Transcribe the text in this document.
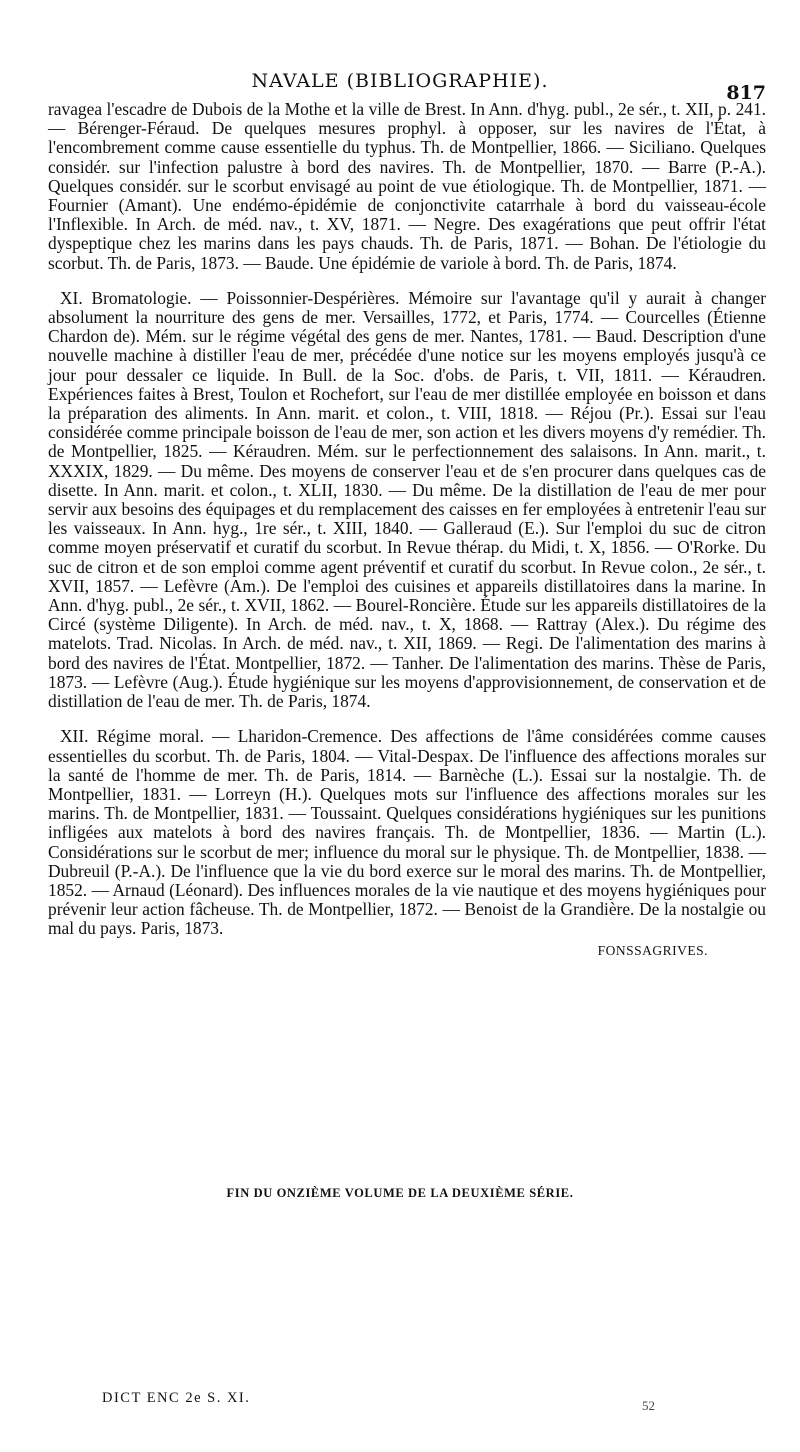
NAVALE (BIBLIOGRAPHIE).
817

ravagea l'escadre de Dubois de la Mothe et la ville de Brest. In Ann. d'hyg. publ., 2e sér., t. XII, p. 241. — Bérenger-Féraud. De quelques mesures prophyl. à opposer, sur les navires de l'État, à l'encombrement comme cause essentielle du typhus. Th. de Montpellier, 1866. — Siciliano. Quelques considér. sur l'infection palustre à bord des navires. Th. de Montpellier, 1870. — Barre (P.-A.). Quelques considér. sur le scorbut envisagé au point de vue étiologique. Th. de Montpellier, 1871. — Fournier (Amant). Une endémo-épidémie de conjonctivite catarrhale à bord du vaisseau-école l'Inflexible. In Arch. de méd. nav., t. XV, 1871. — Negre. Des exagérations que peut offrir l'état dyspeptique chez les marins dans les pays chauds. Th. de Paris, 1871. — Bohan. De l'étiologie du scorbut. Th. de Paris, 1873. — Baude. Une épidémie de variole à bord. Th. de Paris, 1874.

XI. Bromatologie. — Poissonnier-Despérières. Mémoire sur l'avantage qu'il y aurait à changer absolument la nourriture des gens de mer. Versailles, 1772, et Paris, 1774. — Courcelles (Étienne Chardon de). Mém. sur le régime végétal des gens de mer. Nantes, 1781. — Baud. Description d'une nouvelle machine à distiller l'eau de mer, précédée d'une notice sur les moyens employés jusqu'à ce jour pour dessaler ce liquide. In Bull. de la Soc. d'obs. de Paris, t. VII, 1811. — Kéraudren. Expériences faites à Brest, Toulon et Rochefort, sur l'eau de mer distillée employée en boisson et dans la préparation des aliments. In Ann. marit. et colon., t. VIII, 1818. — Réjou (Pr.). Essai sur l'eau considérée comme principale boisson de l'eau de mer, son action et les divers moyens d'y remédier. Th. de Montpellier, 1825. — Kéraudren. Mém. sur le perfectionnement des salaisons. In Ann. marit., t. XXXIX, 1829. — Du même. Des moyens de conserver l'eau et de s'en procurer dans quelques cas de disette. In Ann. marit. et colon., t. XLII, 1830. — Du même. De la distillation de l'eau de mer pour servir aux besoins des équipages et du remplacement des caisses en fer employées à entretenir l'eau sur les vaisseaux. In Ann. hyg., 1re sér., t. XIII, 1840. — Galleraud (E.). Sur l'emploi du suc de citron comme moyen préservatif et curatif du scorbut. In Revue thérap. du Midi, t. X, 1856. — O'Rorke. Du suc de citron et de son emploi comme agent préventif et curatif du scorbut. In Revue colon., 2e sér., t. XVII, 1857. — Lefèvre (Am.). De l'emploi des cuisines et appareils distillatoires dans la marine. In Ann. d'hyg. publ., 2e sér., t. XVII, 1862. — Bourel-Roncière. Étude sur les appareils distillatoires de la Circé (système Diligente). In Arch. de méd. nav., t. X, 1868. — Rattray (Alex.). Du régime des matelots. Trad. Nicolas. In Arch. de méd. nav., t. XII, 1869. — Regi. De l'alimentation des marins à bord des navires de l'État. Montpellier, 1872. — Tanher. De l'alimentation des marins. Thèse de Paris, 1873. — Lefèvre (Aug.). Étude hygiénique sur les moyens d'approvisionnement, de conservation et de distillation de l'eau de mer. Th. de Paris, 1874.

XII. Régime moral. — Lharidon-Cremence. Des affections de l'âme considérées comme causes essentielles du scorbut. Th. de Paris, 1804. — Vital-Despax. De l'influence des affections morales sur la santé de l'homme de mer. Th. de Paris, 1814. — Barnèche (L.). Essai sur la nostalgie. Th. de Montpellier, 1831. — Lorreyn (H.). Quelques mots sur l'influence des affections morales sur les marins. Th. de Montpellier, 1831. — Toussaint. Quelques considérations hygiéniques sur les punitions infligées aux matelots à bord des navires français. Th. de Montpellier, 1836. — Martin (L.). Considérations sur le scorbut de mer; influence du moral sur le physique. Th. de Montpellier, 1838. — Dubreuil (P.-A.). De l'influence que la vie du bord exerce sur le moral des marins. Th. de Montpellier, 1852. — Arnaud (Léonard). Des influences morales de la vie nautique et des moyens hygiéniques pour prévenir leur action fâcheuse. Th. de Montpellier, 1872. — Benoist de la Grandière. De la nostalgie ou mal du pays. Paris, 1873.

FONSSAGRIVES.
FIN DU ONZIÈME VOLUME DE LA DEUXIÈME SÉRIE.
DICT ENC 2e S. XI.	52
